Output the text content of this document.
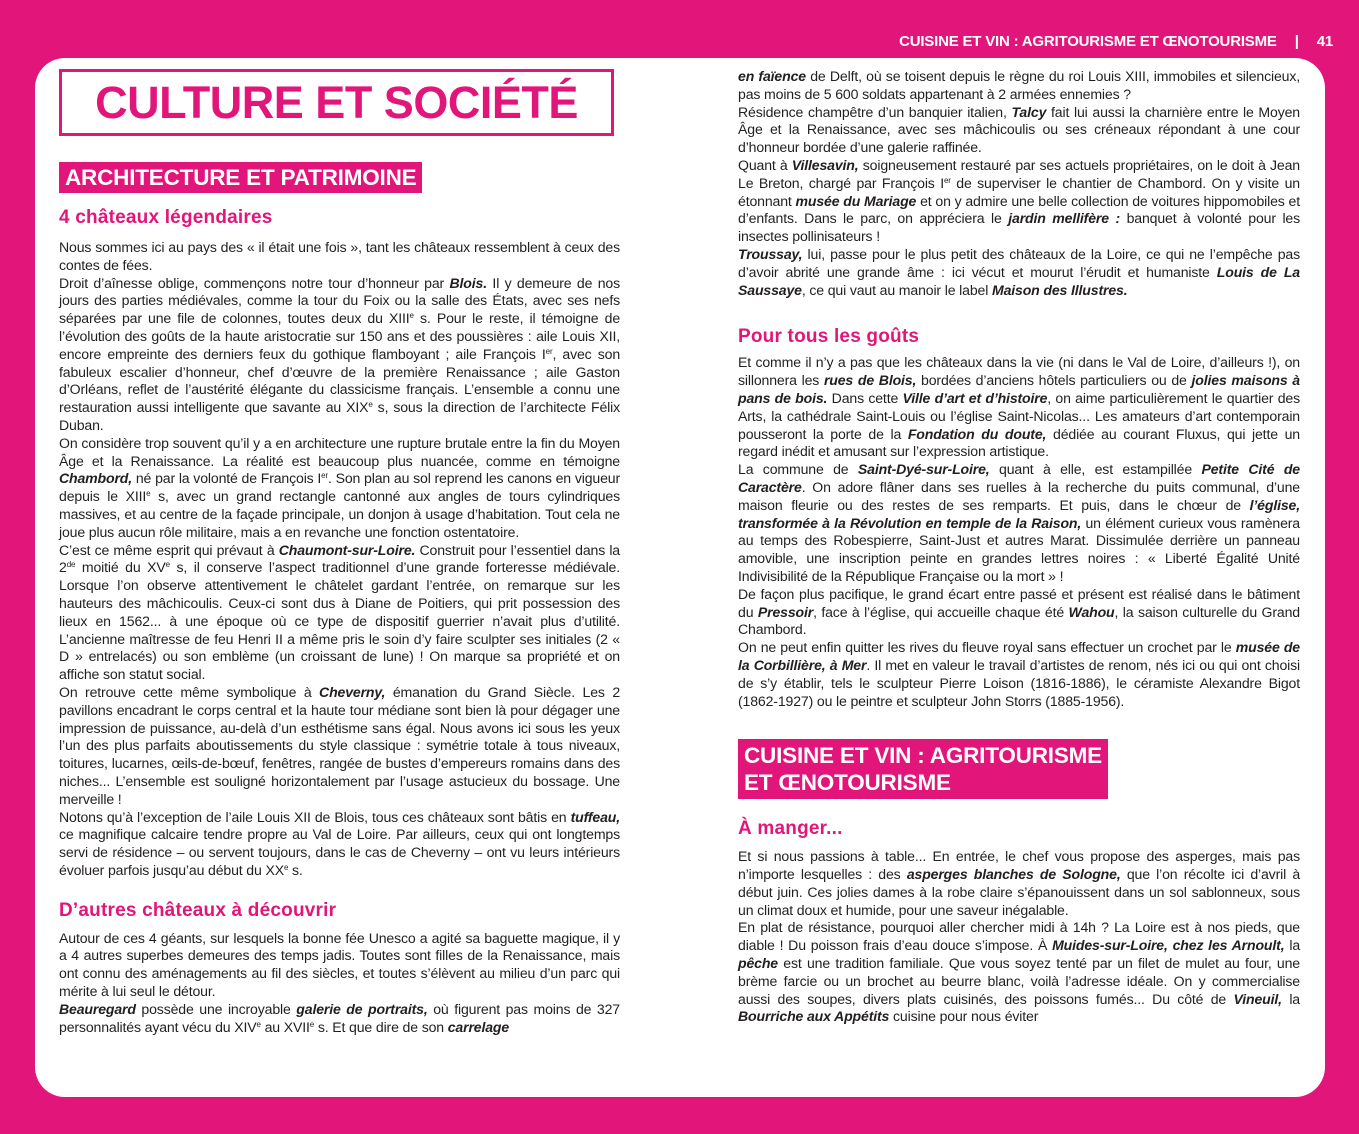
CUISINE ET VIN : AGRITOURISME ET ŒNOTOURISME | 41
CULTURE ET SOCIÉTÉ
ARCHITECTURE ET PATRIMOINE
4 châteaux légendaires

Nous sommes ici au pays des « il était une fois », tant les châteaux ressemblent à ceux des contes de fées.

Droit d’aînesse oblige, commençons notre tour d’honneur par Blois. Il y demeure de nos jours des parties médiévales, comme la tour du Foix ou la salle des États, avec ses nefs séparées par une file de colonnes, toutes deux du XIIIe s. Pour le reste, il témoigne de l’évolution des goûts de la haute aristocratie sur 150 ans et des poussières : aile Louis XII, encore empreinte des derniers feux du gothique flamboyant ; aile François Ier, avec son fabuleux escalier d’honneur, chef d’œuvre de la première Renaissance ; aile Gaston d’Orléans, reflet de l’austérité élégante du classicisme français. L’ensemble a connu une restauration aussi intelligente que savante au XIXe s, sous la direction de l’architecte Félix Duban.

On considère trop souvent qu’il y a en architecture une rupture brutale entre la fin du Moyen Âge et la Renaissance. La réalité est beaucoup plus nuancée, comme en témoigne Chambord, né par la volonté de François Ier. Son plan au sol reprend les canons en vigueur depuis le XIIIe s, avec un grand rectangle cantonné aux angles de tours cylindriques massives, et au centre de la façade principale, un donjon à usage d’habitation. Tout cela ne joue plus aucun rôle militaire, mais a en revanche une fonction ostentatoire.

C’est ce même esprit qui prévaut à Chaumont-sur-Loire. Construit pour l’essentiel dans la 2de moitié du XVe s, il conserve l’aspect traditionnel d’une grande forteresse médiévale. Lorsque l’on observe attentivement le châtelet gardant l’entrée, on remarque sur les hauteurs des mâchicoulis. Ceux-ci sont dus à Diane de Poitiers, qui prit possession des lieux en 1562... à une époque où ce type de dispositif guerrier n’avait plus d’utilité. L’ancienne maîtresse de feu Henri II a même pris le soin d’y faire sculpter ses initiales (2 « D » entrelacés) ou son emblème (un croissant de lune) ! On marque sa propriété et on affiche son statut social.

On retrouve cette même symbolique à Cheverny, émanation du Grand Siècle. Les 2 pavillons encadrant le corps central et la haute tour médiane sont bien là pour dégager une impression de puissance, au-delà d’un esthétisme sans égal. Nous avons ici sous les yeux l’un des plus parfaits aboutissements du style classique : symétrie totale à tous niveaux, toitures, lucarnes, œils-de-bœuf, fenêtres, rangée de bustes d’empereurs romains dans des niches... L’ensemble est souligné horizontalement par l’usage astucieux du bossage. Une merveille !

Notons qu’à l’exception de l’aile Louis XII de Blois, tous ces châteaux sont bâtis en tuffeau, ce magnifique calcaire tendre propre au Val de Loire. Par ailleurs, ceux qui ont longtemps servi de résidence – ou servent toujours, dans le cas de Cheverny – ont vu leurs intérieurs évoluer parfois jusqu’au début du XXe s.

D’autres châteaux à découvrir

Autour de ces 4 géants, sur lesquels la bonne fée Unesco a agité sa baguette magique, il y a 4 autres superbes demeures des temps jadis. Toutes sont filles de la Renaissance, mais ont connu des aménagements au fil des siècles, et toutes s’élèvent au milieu d’un parc qui mérite à lui seul le détour.

Beauregard possède une incroyable galerie de portraits, où figurent pas moins de 327 personnalités ayant vécu du XIVe au XVIIe s. Et que dire de son carrelage

en faïence de Delft, où se toisent depuis le règne du roi Louis XIII, immobiles et silencieux, pas moins de 5 600 soldats appartenant à 2 armées ennemies ?

Résidence champêtre d’un banquier italien, Talcy fait lui aussi la charnière entre le Moyen Âge et la Renaissance, avec ses mâchicoulis ou ses créneaux répondant à une cour d’honneur bordée d’une galerie raffinée.

Quant à Villesavin, soigneusement restauré par ses actuels propriétaires, on le doit à Jean Le Breton, chargé par François Ier de superviser le chantier de Chambord. On y visite un étonnant musée du Mariage et on y admire une belle collection de voitures hippomobiles et d’enfants. Dans le parc, on appréciera le jardin mellifère : banquet à volonté pour les insectes pollinisateurs !

Troussay, lui, passe pour le plus petit des châteaux de la Loire, ce qui ne l’empêche pas d’avoir abrité une grande âme : ici vécut et mourut l’érudit et humaniste Louis de La Saussaye, ce qui vaut au manoir le label Maison des Illustres.

Pour tous les goûts

Et comme il n’y a pas que les châteaux dans la vie (ni dans le Val de Loire, d’ailleurs !), on sillonnera les rues de Blois, bordées d’anciens hôtels particuliers ou de jolies maisons à pans de bois. Dans cette Ville d’art et d’histoire, on aime particulièrement le quartier des Arts, la cathédrale Saint-Louis ou l’église Saint-Nicolas... Les amateurs d’art contemporain pousseront la porte de la Fondation du doute, dédiée au courant Fluxus, qui jette un regard inédit et amusant sur l’expression artistique.

La commune de Saint-Dyé-sur-Loire, quant à elle, est estampillée Petite Cité de Caractère. On adore flâner dans ses ruelles à la recherche du puits communal, d’une maison fleurie ou des restes de ses remparts. Et puis, dans le chœur de l’église, transformée à la Révolution en temple de la Raison, un élément curieux vous ramènera au temps des Robespierre, Saint-Just et autres Marat. Dissimulée derrière un panneau amovible, une inscription peinte en grandes lettres noires : « Liberté Égalité Unité Indivisibilité de la République Française ou la mort » !

De façon plus pacifique, le grand écart entre passé et présent est réalisé dans le bâtiment du Pressoir, face à l’église, qui accueille chaque été Wahou, la saison culturelle du Grand Chambord.

On ne peut enfin quitter les rives du fleuve royal sans effectuer un crochet par le musée de la Corbillière, à Mer. Il met en valeur le travail d’artistes de renom, nés ici ou qui ont choisi de s’y établir, tels le sculpteur Pierre Loison (1816-1886), le céramiste Alexandre Bigot (1862-1927) ou le peintre et sculpteur John Storrs (1885-1956).

CUISINE ET VIN : AGRITOURISME
ET ŒNOTOURISME
À manger...

Et si nous passions à table... En entrée, le chef vous propose des asperges, mais pas n’importe lesquelles : des asperges blanches de Sologne, que l’on récolte ici d’avril à début juin. Ces jolies dames à la robe claire s’épanouissent dans un sol sablonneux, sous un climat doux et humide, pour une saveur inégalable.

En plat de résistance, pourquoi aller chercher midi à 14h ? La Loire est à nos pieds, que diable ! Du poisson frais d’eau douce s’impose. À Muides-sur-Loire, chez les Arnoult, la pêche est une tradition familiale. Que vous soyez tenté par un filet de mulet au four, une brème farcie ou un brochet au beurre blanc, voilà l’adresse idéale. On y commercialise aussi des soupes, divers plats cuisinés, des poissons fumés... Du côté de Vineuil, la Bourriche aux Appétits cuisine pour nous éviter
